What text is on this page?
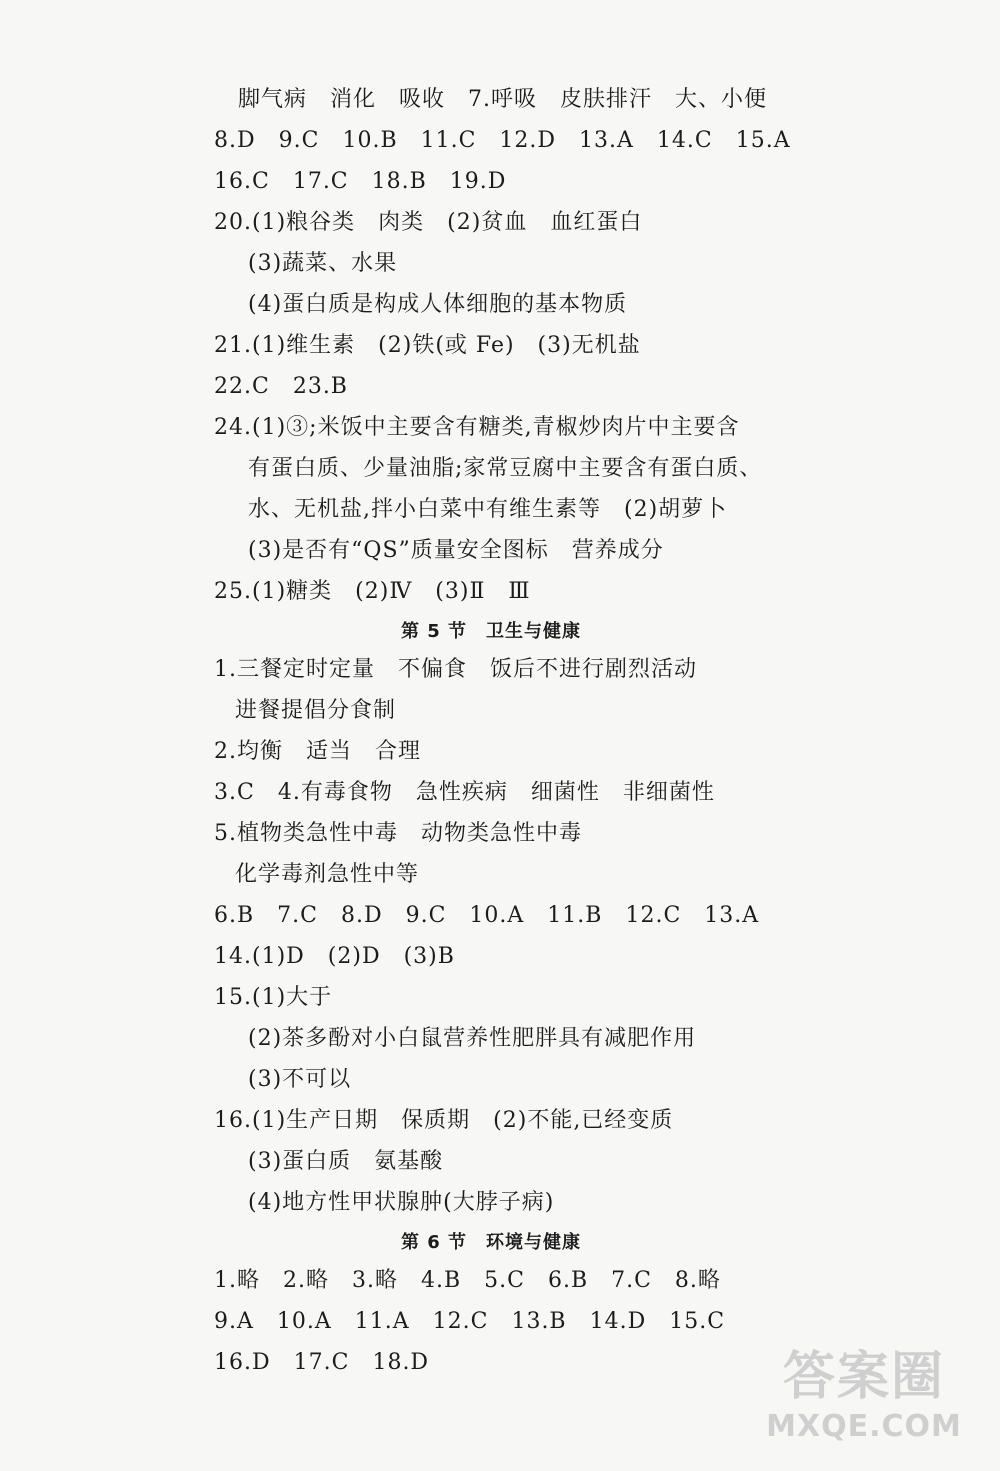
脚气病　消化　吸收　7.呼吸　皮肤排汗　大、小便
8.D　9.C　10.B　11.C　12.D　13.A　14.C　15.A
16.C　17.C　18.B　19.D
20.(1)粮谷类　肉类　(2)贫血　血红蛋白
(3)蔬菜、水果
(4)蛋白质是构成人体细胞的基本物质
21.(1)维生素　(2)铁(或 Fe)　(3)无机盐
22.C　23.B
24.(1)③;米饭中主要含有糖类,青椒炒肉片中主要含
有蛋白质、少量油脂;家常豆腐中主要含有蛋白质、
水、无机盐,拌小白菜中有维生素等　(2)胡萝卜
(3)是否有“QS”质量安全图标　营养成分
25.(1)糖类　(2)Ⅳ　(3)Ⅱ　Ⅲ
第 5 节　卫生与健康
1.三餐定时定量　不偏食　饭后不进行剧烈活动
进餐提倡分食制
2.均衡　适当　合理
3.C　4.有毒食物　急性疾病　细菌性　非细菌性
5.植物类急性中毒　动物类急性中毒
化学毒剂急性中等
6.B　7.C　8.D　9.C　10.A　11.B　12.C　13.A
14.(1)D　(2)D　(3)B
15.(1)大于
(2)茶多酚对小白鼠营养性肥胖具有减肥作用
(3)不可以
16.(1)生产日期　保质期　(2)不能,已经变质
(3)蛋白质　氨基酸
(4)地方性甲状腺肿(大脖子病)
第 6 节　环境与健康
1.略　2.略　3.略　4.B　5.C　6.B　7.C　8.略
9.A　10.A　11.A　12.C　13.B　14.D　15.C
16.D　17.C　18.D	答案圈
MXQE.COM
